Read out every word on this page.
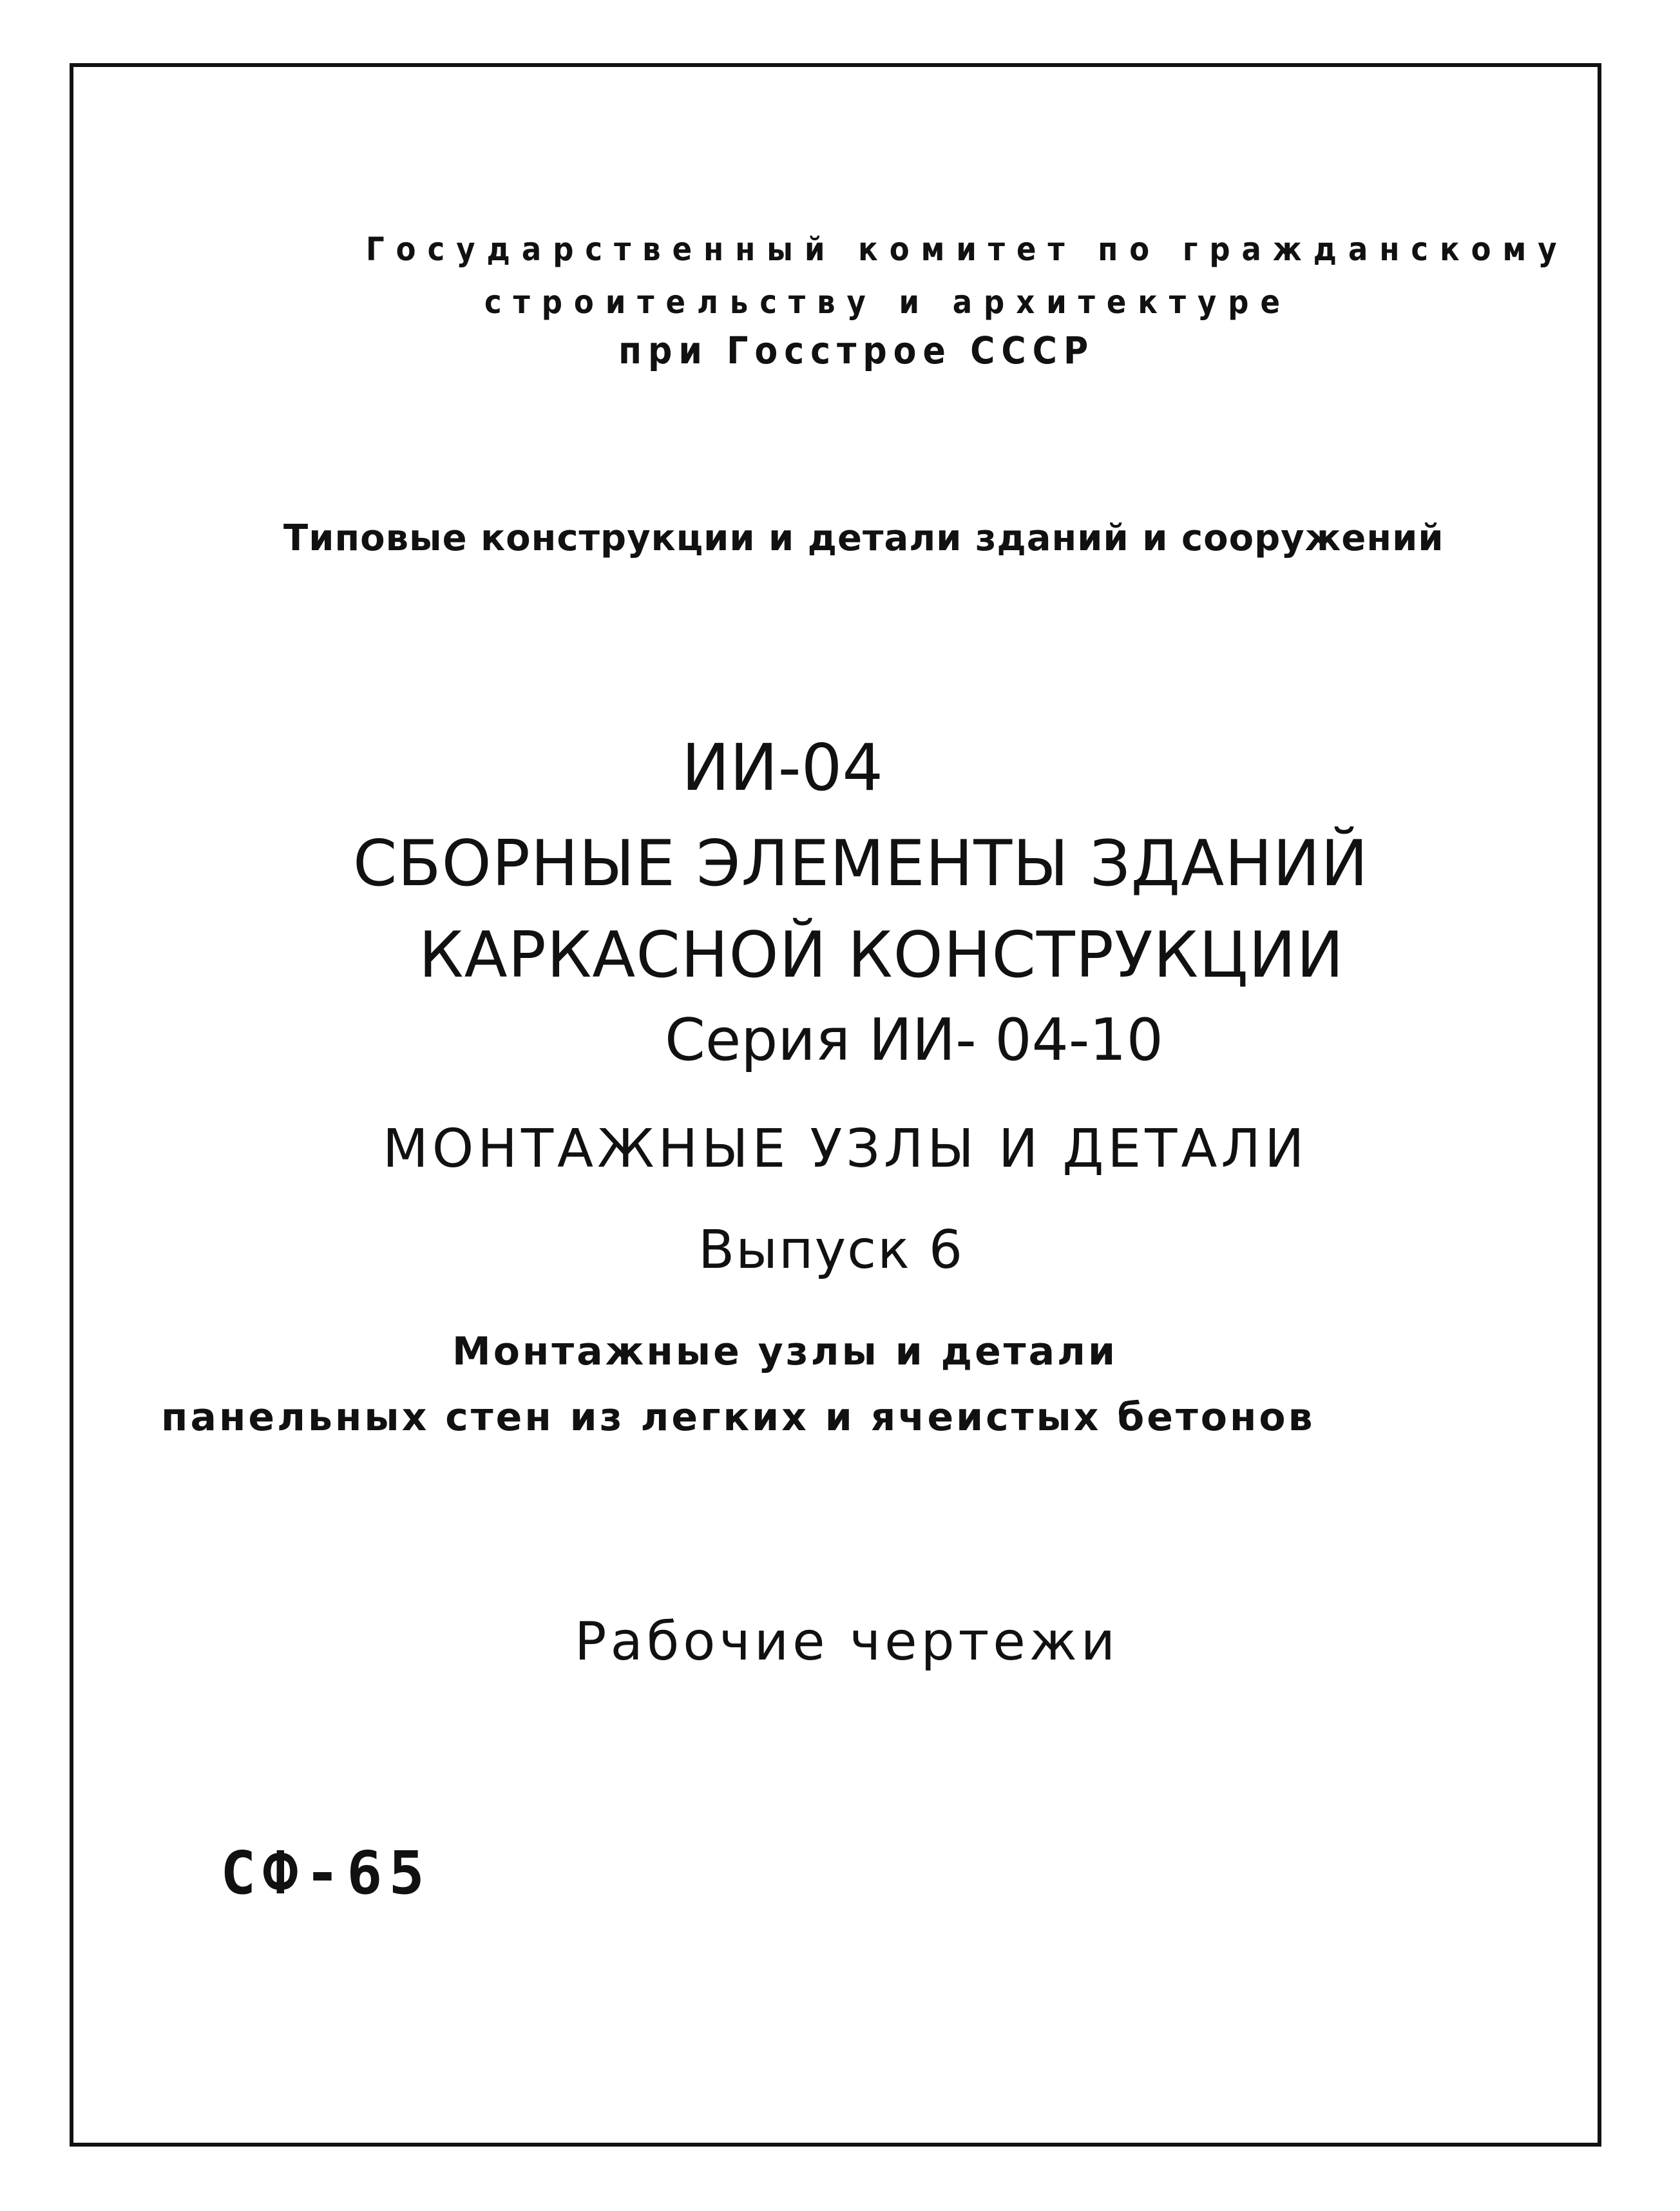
Государственный комитет по гражданскому
строительству и архитектуре
при Госстрое СССР
Типовые конструкции и детали зданий и сооружений
ИИ-04
СБОРНЫЕ ЭЛЕМЕНТЫ ЗДАНИЙ
КАРКАСНОЙ КОНСТРУКЦИИ
Серия ИИ- 04-10
МОНТАЖНЫЕ УЗЛЫ И ДЕТАЛИ
Выпуск 6
Монтажные узлы и детали
панельных стен из легких и ячеистых бетонов
Рабочие чертежи
СФ-65
